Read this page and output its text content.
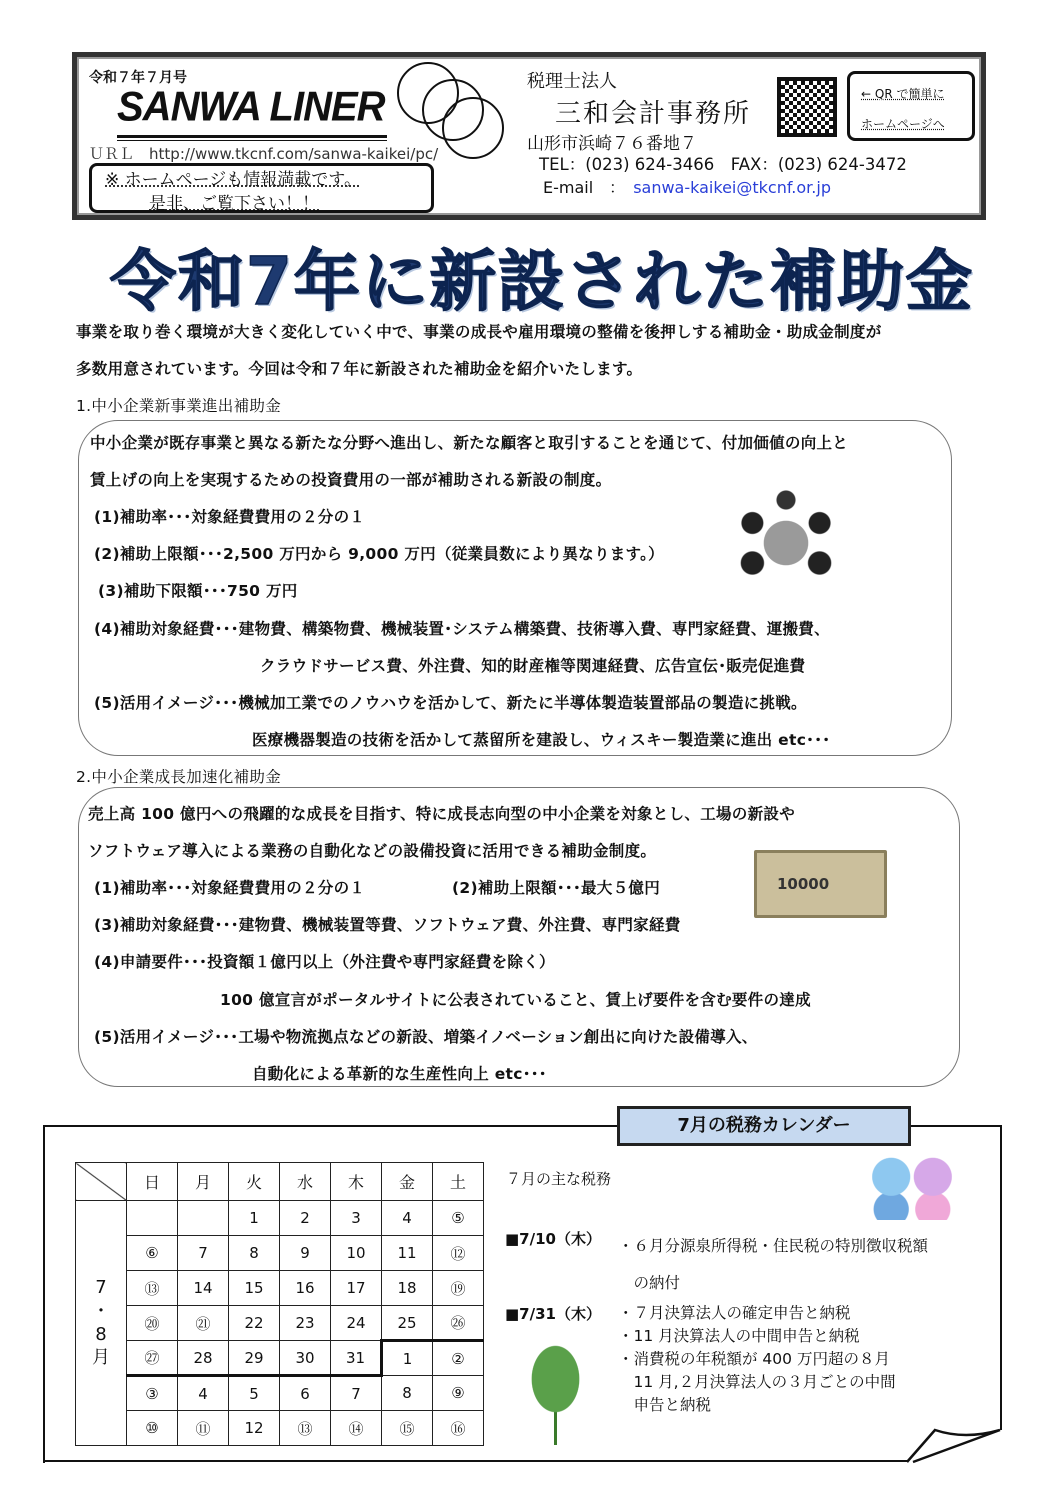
令和７年７月号
SANWA LINER
ＵＲＬ　 http://www.tkcnf.com/sanwa-kaikei/pc/
※ ホームページも情報満載です。
是非、ご覧下さい！！
税理士法人
三和会計事務所
山形市浜崎７６番地７
TEL：(023) 624-3466　FAX：(023) 624-3472
E-mail　：　 sanwa-kaikei@tkcnf.or.jp
← QR で簡単に
ホームページへ
令和7年に新設された補助金
事業を取り巻く環境が大きく変化していく中で、事業の成長や雇用環境の整備を後押しする補助金・助成金制度が
多数用意されています。今回は令和７年に新設された補助金を紹介いたします。
1.中小企業新事業進出補助金
中小企業が既存事業と異なる新たな分野へ進出し、新たな顧客と取引することを通じて、付加価値の向上と
賃上げの向上を実現するための投資費用の一部が補助される新設の制度。
(1)補助率･･･対象経費費用の２分の１
(2)補助上限額･･･2,500 万円から 9,000 万円（従業員数により異なります。）
(3)補助下限額･･･750 万円
(4)補助対象経費･･･建物費、構築物費、機械装置･システム構築費、技術導入費、専門家経費、運搬費、
クラウドサービス費、外注費、知的財産権等関連経費、広告宣伝･販売促進費
(5)活用イメージ･･･機械加工業でのノウハウを活かして、新たに半導体製造装置部品の製造に挑戦。
医療機器製造の技術を活かして蒸留所を建設し、ウィスキー製造業に進出 etc･･･
2.中小企業成長加速化補助金
売上高 100 億円への飛躍的な成長を目指す、特に成長志向型の中小企業を対象とし、工場の新設や
ソフトウェア導入による業務の自動化などの設備投資に活用できる補助金制度。
(1)補助率･･･対象経費費用の２分の１	(2)補助上限額･･･最大５億円
(3)補助対象経費･･･建物費、機械装置等費、ソフトウェア費、外注費、専門家経費
(4)申請要件･･･投資額１億円以上（外注費や専門家経費を除く）
100 億宣言がポータルサイトに公表されていること、賃上げ要件を含む要件の達成
(5)活用イメージ･･･工場や物流拠点などの新設、増築イノベーション創出に向けた設備導入、
自動化による革新的な生産性向上 etc･･･
10000
7月の税務カレンダー
	日	月	火	水	木	金	土

7
・
8
月			1	2	3	4	⑤
	⑥	7	8	9	10	11	⑫
	⑬	14	15	16	17	18	⑲
	⑳	㉑	22	23	24	25	㉖
	㉗	28	29	30	31	1	②
	③	4	5	6	7	8	⑨
	⑩	⑪	12	⑬	⑭	⑮	⑯
７月の主な税務
■7/10（木） ・６月分源泉所得税・住民税の特別徴収税額
　の納付
■7/31（木） ・７月決算法人の確定申告と納税
・11 月決算法人の中間申告と納税
・消費税の年税額が 400 万円超の８月
　11 月,２月決算法人の３月ごとの中間
　申告と納税
